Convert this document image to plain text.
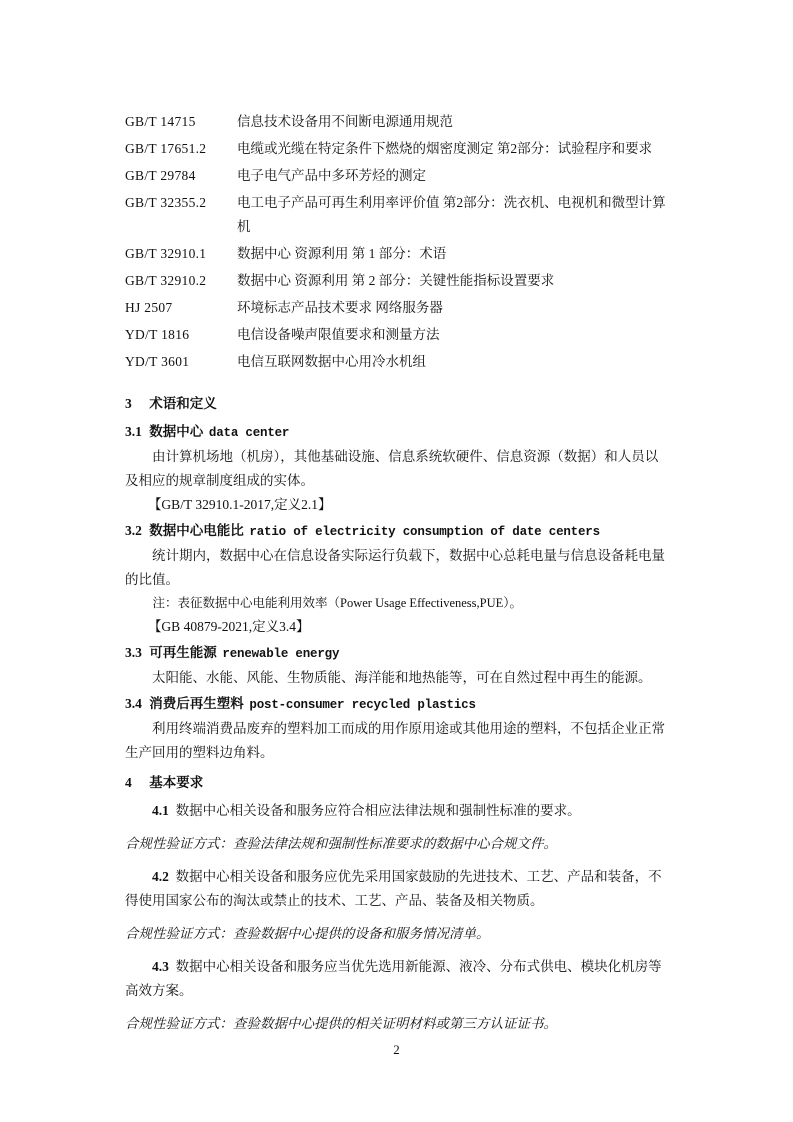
GB/T 14715	信息技术设备用不间断电源通用规范
GB/T 17651.2	电缆或光缆在特定条件下燃烧的烟密度测定 第2部分：试验程序和要求
GB/T 29784	电子电气产品中多环芳烃的测定
GB/T 32355.2	电工电子产品可再生利用率评价值 第2部分：洗衣机、电视机和微型计算机
GB/T 32910.1	数据中心 资源利用 第 1 部分：术语
GB/T 32910.2	数据中心 资源利用 第 2 部分：关键性能指标设置要求
HJ 2507	环境标志产品技术要求 网络服务器
YD/T 1816	电信设备噪声限值要求和测量方法
YD/T 3601	电信互联网数据中心用冷水机组
3 术语和定义
3.1 数据中心 data center

由计算机场地（机房），其他基础设施、信息系统软硬件、信息资源（数据）和人员以及相应的规章制度组成的实体。

【GB/T 32910.1-2017,定义2.1】

3.2 数据中心电能比 ratio of electricity consumption of date centers

统计期内，数据中心在信息设备实际运行负载下，数据中心总耗电量与信息设备耗电量的比值。

注：表征数据中心电能利用效率（Power Usage Effectiveness,PUE）。

【GB 40879-2021,定义3.4】

3.3 可再生能源 renewable energy

太阳能、水能、风能、生物质能、海洋能和地热能等，可在自然过程中再生的能源。

3.4 消费后再生塑料 post-consumer recycled plastics

利用终端消费品废弃的塑料加工而成的用作原用途或其他用途的塑料，不包括企业正常生产回用的塑料边角料。

4 基本要求

4.1 数据中心相关设备和服务应符合相应法律法规和强制性标准的要求。

合规性验证方式：查验法律法规和强制性标准要求的数据中心合规文件。

4.2 数据中心相关设备和服务应优先采用国家鼓励的先进技术、工艺、产品和装备，不得使用国家公布的淘汰或禁止的技术、工艺、产品、装备及相关物质。

合规性验证方式：查验数据中心提供的设备和服务情况清单。

4.3 数据中心相关设备和服务应当优先选用新能源、液冷、分布式供电、模块化机房等高效方案。

合规性验证方式：查验数据中心提供的相关证明材料或第三方认证证书。

2
